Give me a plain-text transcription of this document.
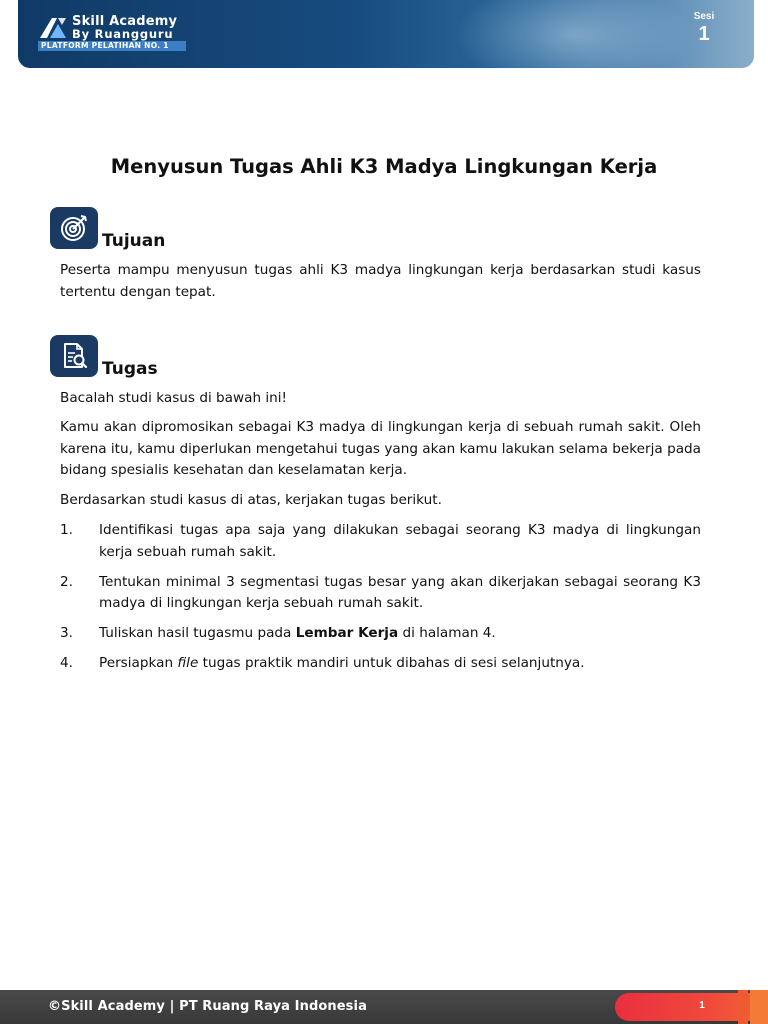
Skill Academy
By Ruangguru
PLATFORM PELATIHAN NO. 1
Sesi
1
Menyusun Tugas Ahli K3 Madya Lingkungan Kerja
Tujuan

Peserta mampu menyusun tugas ahli K3 madya lingkungan kerja berdasarkan studi kasus tertentu dengan tepat.

Tugas

Bacalah studi kasus di bawah ini!

Kamu akan dipromosikan sebagai K3 madya di lingkungan kerja di sebuah rumah sakit. Oleh karena itu, kamu diperlukan mengetahui tugas yang akan kamu lakukan selama bekerja pada bidang spesialis kesehatan dan keselamatan kerja.

Berdasarkan studi kasus di atas, kerjakan tugas berikut.

1. Identifikasi tugas apa saja yang dilakukan sebagai seorang K3 madya di lingkungan kerja sebuah rumah sakit.
2. Tentukan minimal 3 segmentasi tugas besar yang akan dikerjakan sebagai seorang K3 madya di lingkungan kerja sebuah rumah sakit.
3. Tuliskan hasil tugasmu pada Lembar Kerja di halaman 4.
4. Persiapkan file tugas praktik mandiri untuk dibahas di sesi selanjutnya.
©Skill Academy | PT Ruang Raya Indonesia	1
